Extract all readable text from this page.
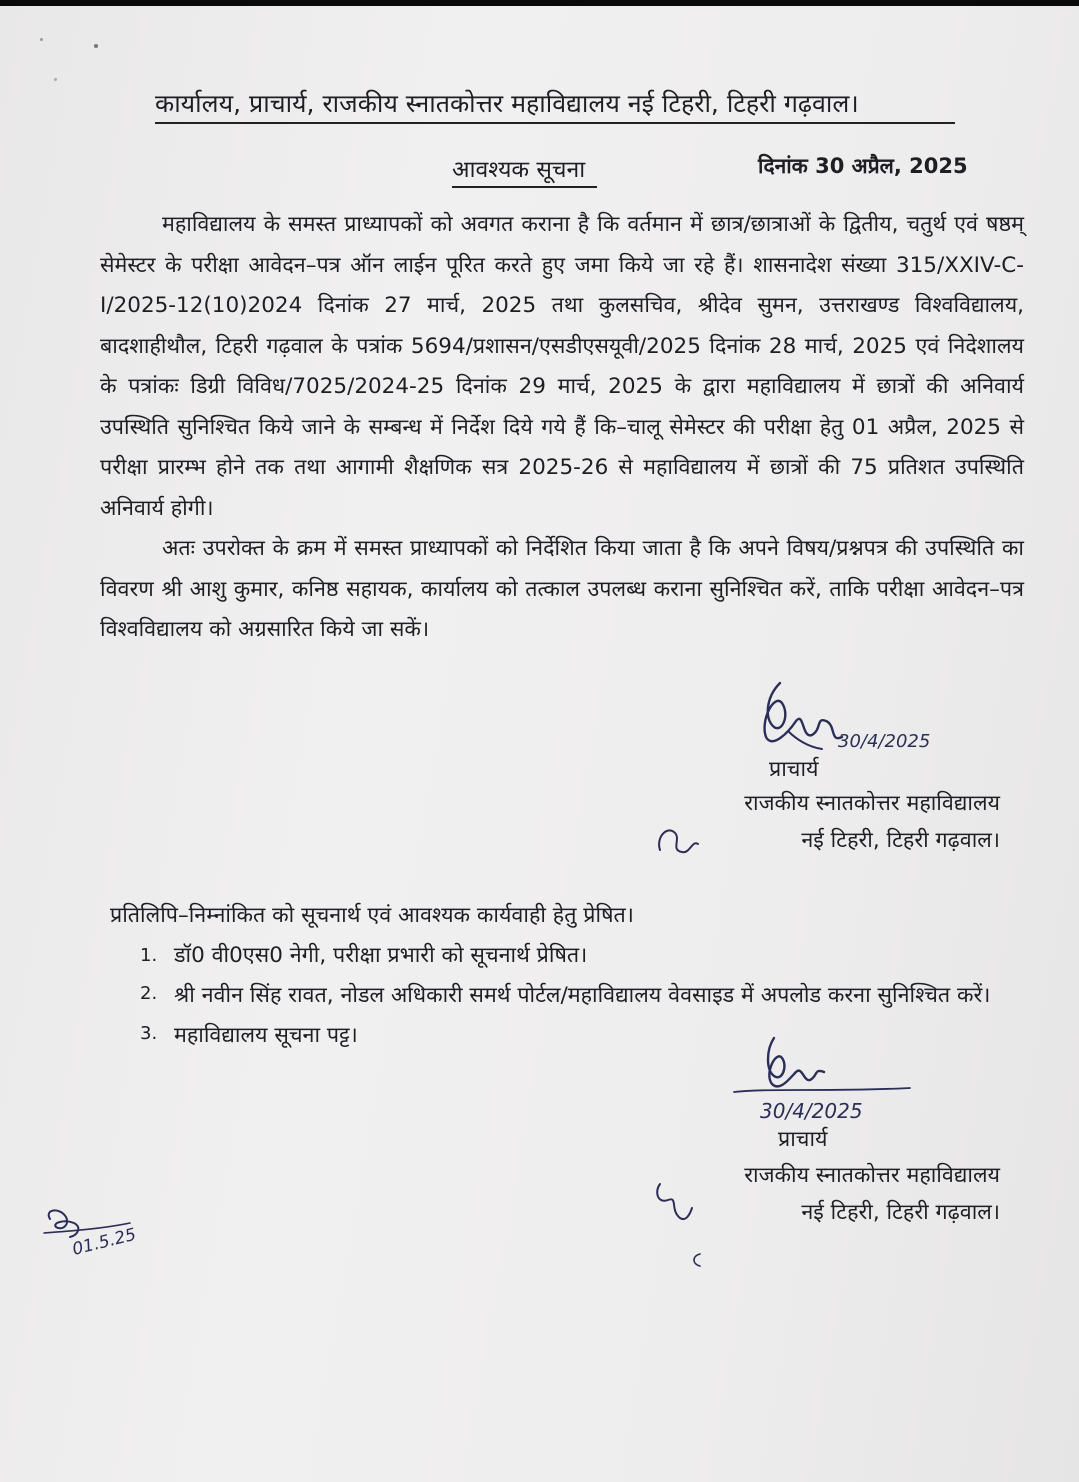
कार्यालय, प्राचार्य, राजकीय स्नातकोत्तर महाविद्यालय नई टिहरी, टिहरी गढ़वाल।
आवश्यक सूचना	दिनांक 30 अप्रैल, 2025

महाविद्यालय के समस्त प्राध्यापकों को अवगत कराना है कि वर्तमान में छात्र/छात्राओं के द्वितीय, चतुर्थ एवं षष्ठम् सेमेस्टर के परीक्षा आवेदन–पत्र ऑन लाईन पूरित करते हुए जमा किये जा रहे हैं। शासनादेश संख्या 315/XXIV-C-I/2025-12(10)2024 दिनांक 27 मार्च, 2025 तथा कुलसचिव, श्रीदेव सुमन, उत्तराखण्ड विश्वविद्यालय, बादशाहीथौल, टिहरी गढ़वाल के पत्रांक 5694/प्रशासन/एसडीएसयूवी/2025 दिनांक 28 मार्च, 2025 एवं निदेशालय के पत्रांकः डिग्री विविध/7025/2024-25 दिनांक 29 मार्च, 2025 के द्वारा महाविद्यालय में छात्रों की अनिवार्य उपस्थिति सुनिश्चित किये जाने के सम्बन्ध में निर्देश दिये गये हैं कि–चालू सेमेस्टर की परीक्षा हेतु 01 अप्रैल, 2025 से परीक्षा प्रारम्भ होने तक तथा आगामी शैक्षणिक सत्र 2025-26 से महाविद्यालय में छात्रों की 75 प्रतिशत उपस्थिति अनिवार्य होगी।

अतः उपरोक्त के क्रम में समस्त प्राध्यापकों को निर्देशित किया जाता है कि अपने विषय/प्रश्नपत्र की उपस्थिति का विवरण श्री आशु कुमार, कनिष्ठ सहायक, कार्यालय को तत्काल उपलब्ध कराना सुनिश्चित करें, ताकि परीक्षा आवेदन–पत्र विश्वविद्यालय को अग्रसारित किये जा सकें।

30/4/2025
प्राचार्य
राजकीय स्नातकोत्तर महाविद्यालय
नई टिहरी, टिहरी गढ़वाल।
प्रतिलिपि–निम्नांकित को सूचनार्थ एवं आवश्यक कार्यवाही हेतु प्रेषित।
1. डॉ0 वी0एस0 नेगी, परीक्षा प्रभारी को सूचनार्थ प्रेषित।
2. श्री नवीन सिंह रावत, नोडल अधिकारी समर्थ पोर्टल/महाविद्यालय वेवसाइड में अपलोड करना सुनिश्चित करें।
3. महाविद्यालय सूचना पट्ट।
30/4/2025
प्राचार्य
राजकीय स्नातकोत्तर महाविद्यालय
नई टिहरी, टिहरी गढ़वाल।
01.5.25
